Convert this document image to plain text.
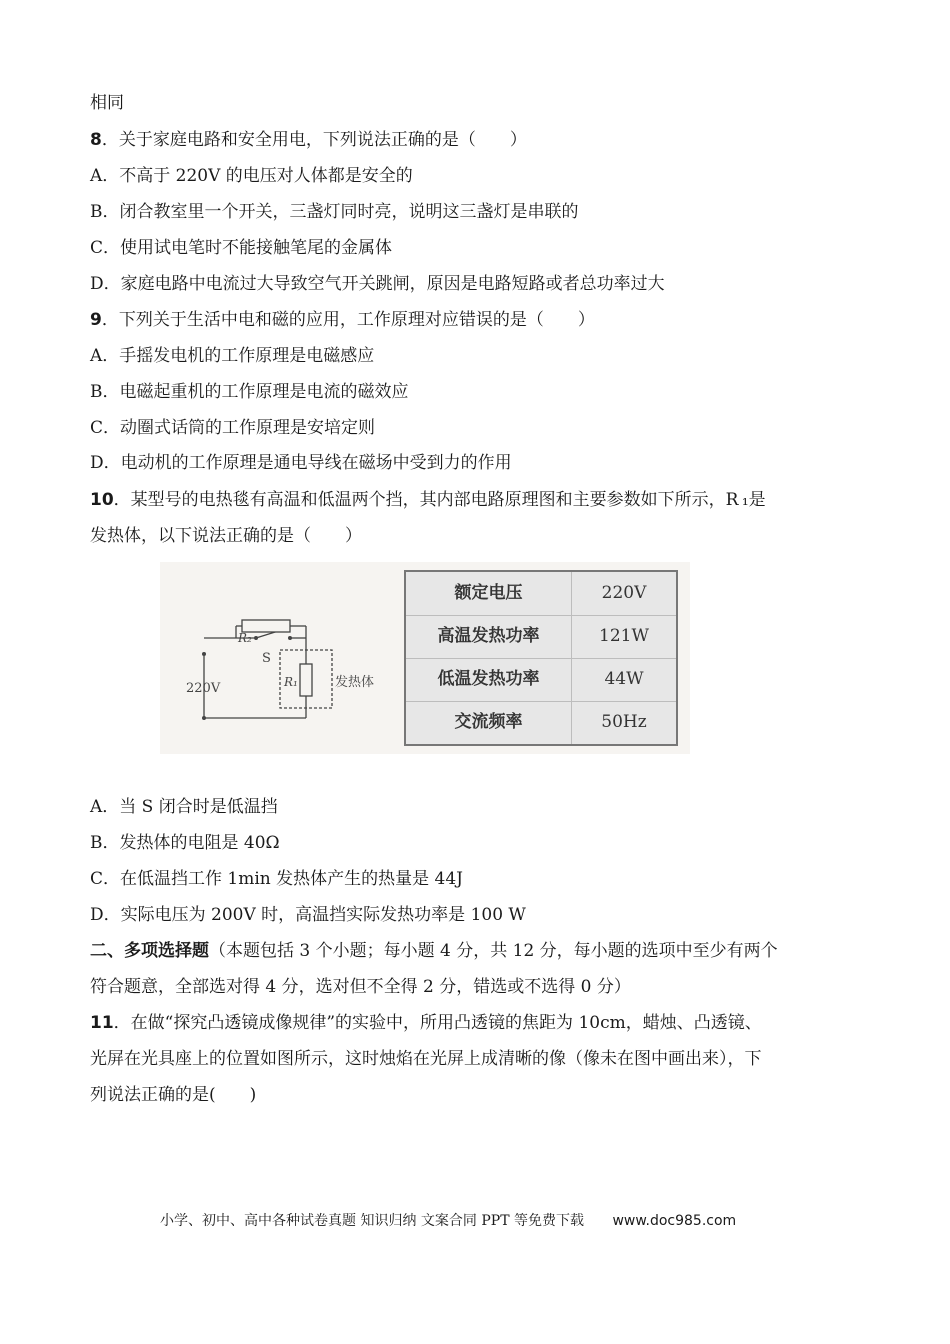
相同
8．关于家庭电路和安全用电，下列说法正确的是（　　）
A．不高于 220V 的电压对人体都是安全的
B．闭合教室里一个开关，三盏灯同时亮，说明这三盏灯是串联的
C．使用试电笔时不能接触笔尾的金属体
D．家庭电路中电流过大导致空气开关跳闸，原因是电路短路或者总功率过大
9．下列关于生活中电和磁的应用，工作原理对应错误的是（　　）
A．手摇发电机的工作原理是电磁感应
B．电磁起重机的工作原理是电流的磁效应
C．动圈式话筒的工作原理是安培定则
D．电动机的工作原理是通电导线在磁场中受到力的作用
10．某型号的电热毯有高温和低温两个挡，其内部电路原理图和主要参数如下所示，R ₁是
发热体，以下说法正确的是（　　）
A．当 S 闭合时是低温挡
B．发热体的电阻是 40Ω
C．在低温挡工作 1min 发热体产生的热量是 44J
D．实际电压为 200V 时，高温挡实际发热功率是 100 W
二、多项选择题（本题包括 3 个小题；每小题 4 分，共 12 分，每小题的选项中至少有两个
符合题意，全部选对得 4 分，选对但不全得 2 分，错选或不选得 0 分）
11．在做“探究凸透镜成像规律”的实验中，所用凸透镜的焦距为 10cm，蜡烛、凸透镜、
光屏在光具座上的位置如图所示，这时烛焰在光屏上成清晰的像（像未在图中画出来），下
列说法正确的是(　　)
R₂
S
220V	R₁	发热体
额定电压	220V
高温发热功率	121W
低温发热功率	44W
交流频率	50Hz
小学、初中、高中各种试卷真题 知识归纳 文案合同 PPT 等免费下载 www.doc985.com
